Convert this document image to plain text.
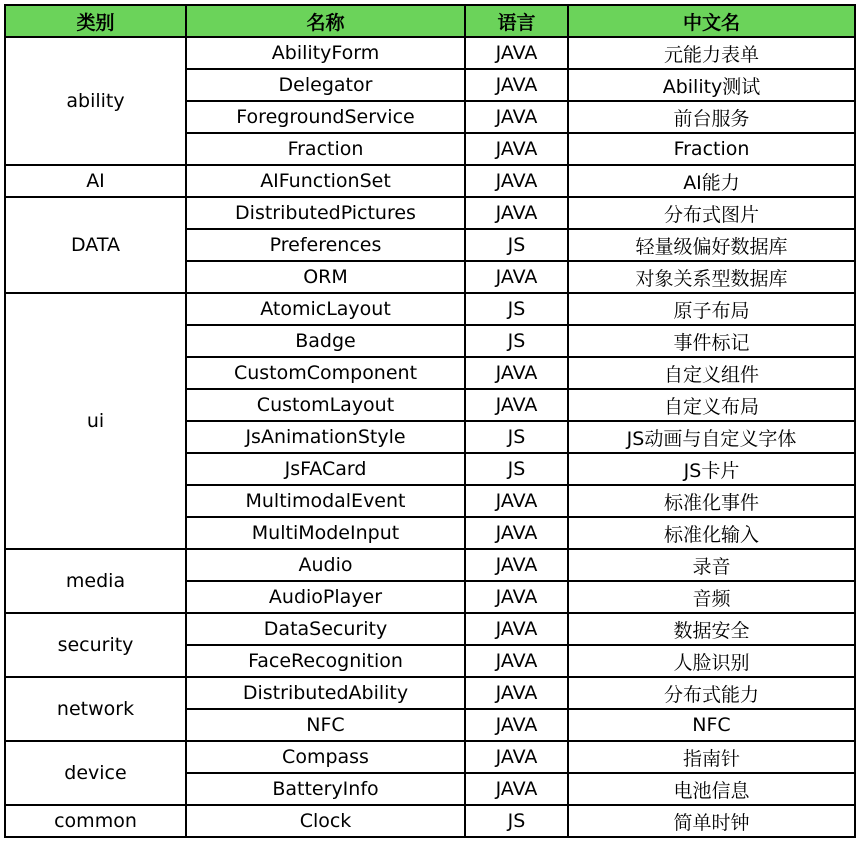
类别	名称	语言	中文名
ability	AbilityForm	JAVA	元能力表单
	Delegator	JAVA	Ability测试
	ForegroundService	JAVA	前台服务
	Fraction	JAVA	Fraction
AI	AIFunctionSet	JAVA	AI能力
DATA	DistributedPictures	JAVA	分布式图片
	Preferences	JS	轻量级偏好数据库
	ORM	JAVA	对象关系型数据库
ui	AtomicLayout	JS	原子布局
	Badge	JS	事件标记
	CustomComponent	JAVA	自定义组件
	CustomLayout	JAVA	自定义布局
	JsAnimationStyle	JS	JS动画与自定义字体
	JsFACard	JS	JS卡片
	MultimodalEvent	JAVA	标准化事件
	MultiModeInput	JAVA	标准化输入
media	Audio	JAVA	录音
	AudioPlayer	JAVA	音频
security	DataSecurity	JAVA	数据安全
	FaceRecognition	JAVA	人脸识别
network	DistributedAbility	JAVA	分布式能力
	NFC	JAVA	NFC
device	Compass	JAVA	指南针
	BatteryInfo	JAVA	电池信息
common	Clock	JS	简单时钟
